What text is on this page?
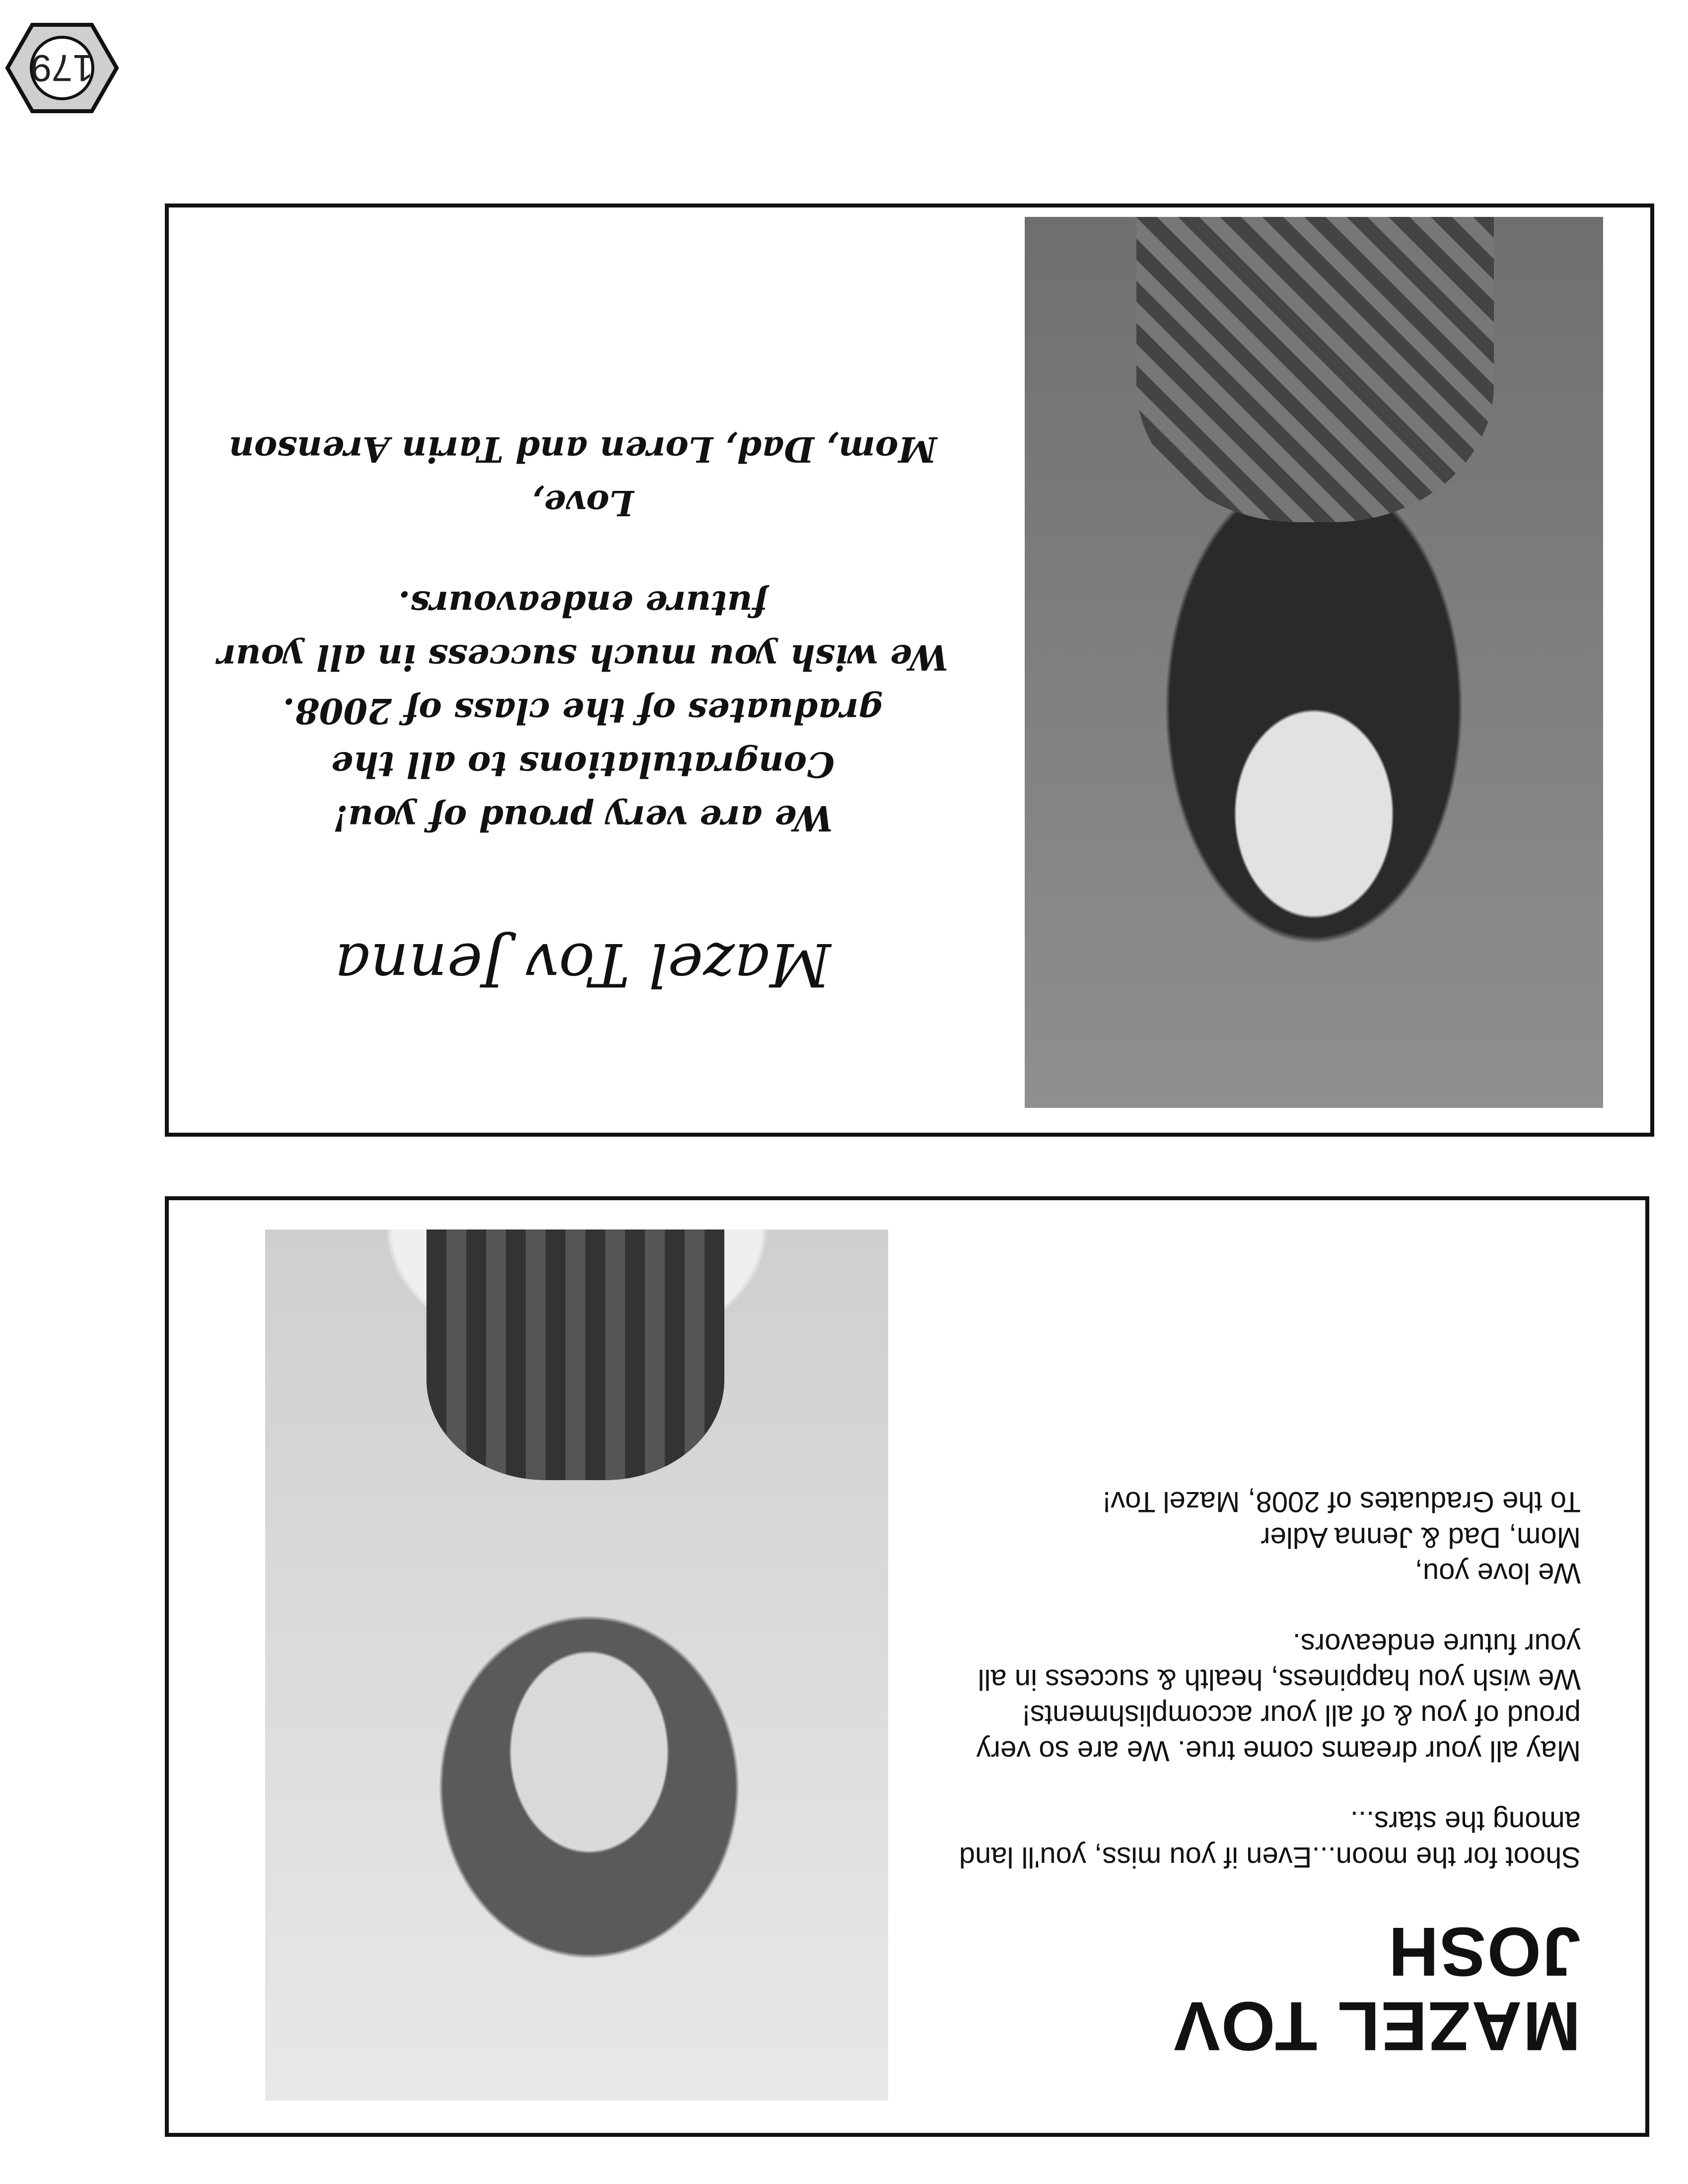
179
MAZEL TOV
JOSH

Shoot for the moon...Even if you miss, you'll land
among the stars...

May all your dreams come true. We are so very
proud of you & of all your accomplishments!
We wish you happiness, health & success in all
your future endeavors.

We love you,
Mom, Dad & Jenna Adler
To the Graduates of 2008, Mazel Tov!

Mazel Tov Jenna

We are very proud of you!
Congratulations to all the
graduates of the class of 2008.
We wish you much success in all your
future endeavours.

Love,
Mom, Dad, Loren and Tarin Arenson
